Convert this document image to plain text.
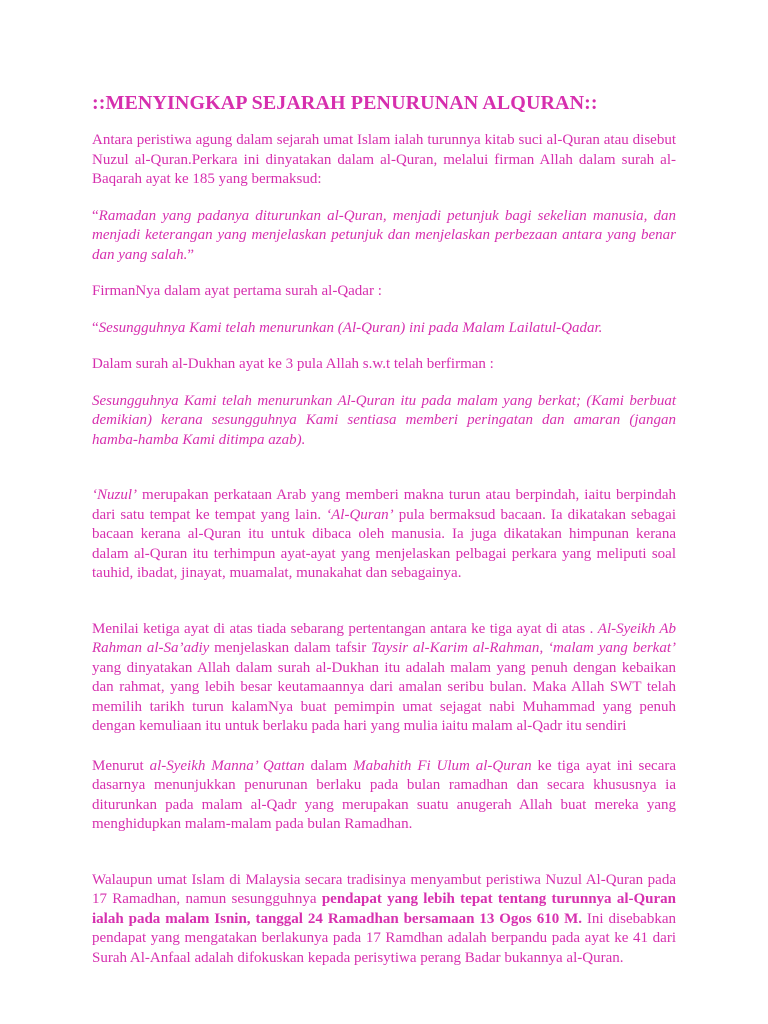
::MENYINGKAP SEJARAH PENURUNAN ALQURAN::

Antara peristiwa agung dalam sejarah umat Islam ialah turunnya kitab suci al-Quran atau disebut Nuzul al-Quran.Perkara ini dinyatakan dalam al-Quran, melalui firman Allah dalam surah al-Baqarah ayat ke 185 yang bermaksud:

“Ramadan yang padanya diturunkan al-Quran, menjadi petunjuk bagi sekelian manusia, dan menjadi keterangan yang menjelaskan petunjuk dan menjelaskan perbezaan antara yang benar dan yang salah.”

FirmanNya dalam ayat pertama surah al-Qadar :

“Sesungguhnya Kami telah menurunkan (Al-Quran) ini pada Malam Lailatul-Qadar.

Dalam surah al-Dukhan ayat ke 3 pula Allah s.w.t telah berfirman :

Sesungguhnya Kami telah menurunkan Al-Quran itu pada malam yang berkat; (Kami berbuat demikian) kerana sesungguhnya Kami sentiasa memberi peringatan dan amaran (jangan hamba-hamba Kami ditimpa azab).

‘Nuzul’ merupakan perkataan Arab yang memberi makna turun atau berpindah, iaitu berpindah dari satu tempat ke tempat yang lain. ‘Al-Quran’ pula bermaksud bacaan. Ia dikatakan sebagai bacaan kerana al-Quran itu untuk dibaca oleh manusia. Ia juga dikatakan himpunan kerana dalam al-Quran itu terhimpun ayat-ayat yang menjelaskan pelbagai perkara yang meliputi soal tauhid, ibadat, jinayat, muamalat, munakahat dan sebagainya.

Menilai ketiga ayat di atas tiada sebarang pertentangan antara ke tiga ayat di atas . Al-Syeikh Ab Rahman al-Sa’adiy menjelaskan dalam tafsir Taysir al-Karim al-Rahman, ‘malam yang berkat’ yang dinyatakan Allah dalam surah al-Dukhan itu adalah malam yang penuh dengan kebaikan dan rahmat, yang lebih besar keutamaannya dari amalan seribu bulan. Maka Allah SWT telah memilih tarikh turun kalamNya buat pemimpin umat sejagat nabi Muhammad yang penuh dengan kemuliaan itu untuk berlaku pada hari yang mulia iaitu malam al-Qadr itu sendiri

Menurut al-Syeikh Manna’ Qattan dalam Mabahith Fi Ulum al-Quran ke tiga ayat ini secara dasarnya menunjukkan penurunan berlaku pada bulan ramadhan dan secara khususnya ia diturunkan pada malam al-Qadr yang merupakan suatu anugerah Allah buat mereka yang menghidupkan malam-malam pada bulan Ramadhan.

Walaupun umat Islam di Malaysia secara tradisinya menyambut peristiwa Nuzul Al-Quran pada 17 Ramadhan, namun sesungguhnya pendapat yang lebih tepat tentang turunnya al-Quran ialah pada malam Isnin, tanggal 24 Ramadhan bersamaan 13 Ogos 610 M. Ini disebabkan pendapat yang mengatakan berlakunya pada 17 Ramdhan adalah berpandu pada ayat ke 41 dari Surah Al-Anfaal adalah difokuskan kepada perisytiwa perang Badar bukannya al-Quran.
